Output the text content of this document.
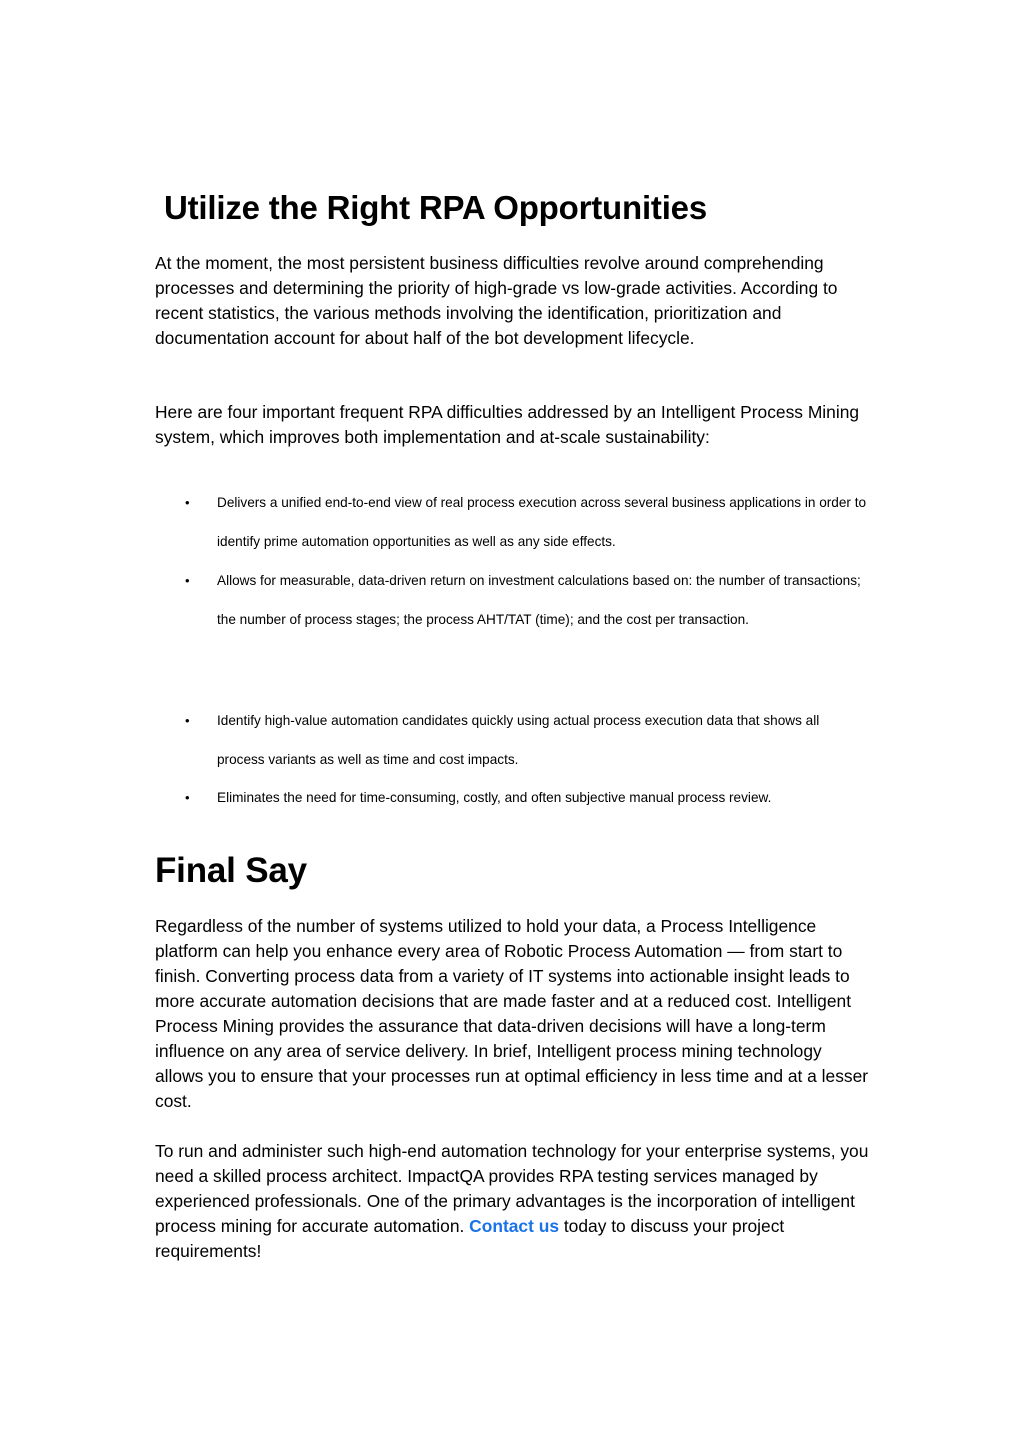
Utilize the Right RPA Opportunities

At the moment, the most persistent business difficulties revolve around comprehending processes and determining the priority of high-grade vs low-grade activities. According to recent statistics, the various methods involving the identification, prioritization and documentation account for about half of the bot development lifecycle.

Here are four important frequent RPA difficulties addressed by an Intelligent Process Mining system, which improves both implementation and at-scale sustainability:

• Delivers a unified end-to-end view of real process execution across several business applications in order to identify prime automation opportunities as well as any side effects.
• Allows for measurable, data-driven return on investment calculations based on: the number of transactions; the number of process stages; the process AHT/TAT (time); and the cost per transaction.
• Identify high-value automation candidates quickly using actual process execution data that shows all process variants as well as time and cost impacts.
• Eliminates the need for time-consuming, costly, and often subjective manual process review.
Final Say

Regardless of the number of systems utilized to hold your data, a Process Intelligence platform can help you enhance every area of Robotic Process Automation — from start to finish. Converting process data from a variety of IT systems into actionable insight leads to more accurate automation decisions that are made faster and at a reduced cost. Intelligent Process Mining provides the assurance that data-driven decisions will have a long-term influence on any area of service delivery. In brief, Intelligent process mining technology allows you to ensure that your processes run at optimal efficiency in less time and at a lesser cost.

To run and administer such high-end automation technology for your enterprise systems, you need a skilled process architect. ImpactQA provides RPA testing services managed by experienced professionals. One of the primary advantages is the incorporation of intelligent process mining for accurate automation. Contact us today to discuss your project requirements!
